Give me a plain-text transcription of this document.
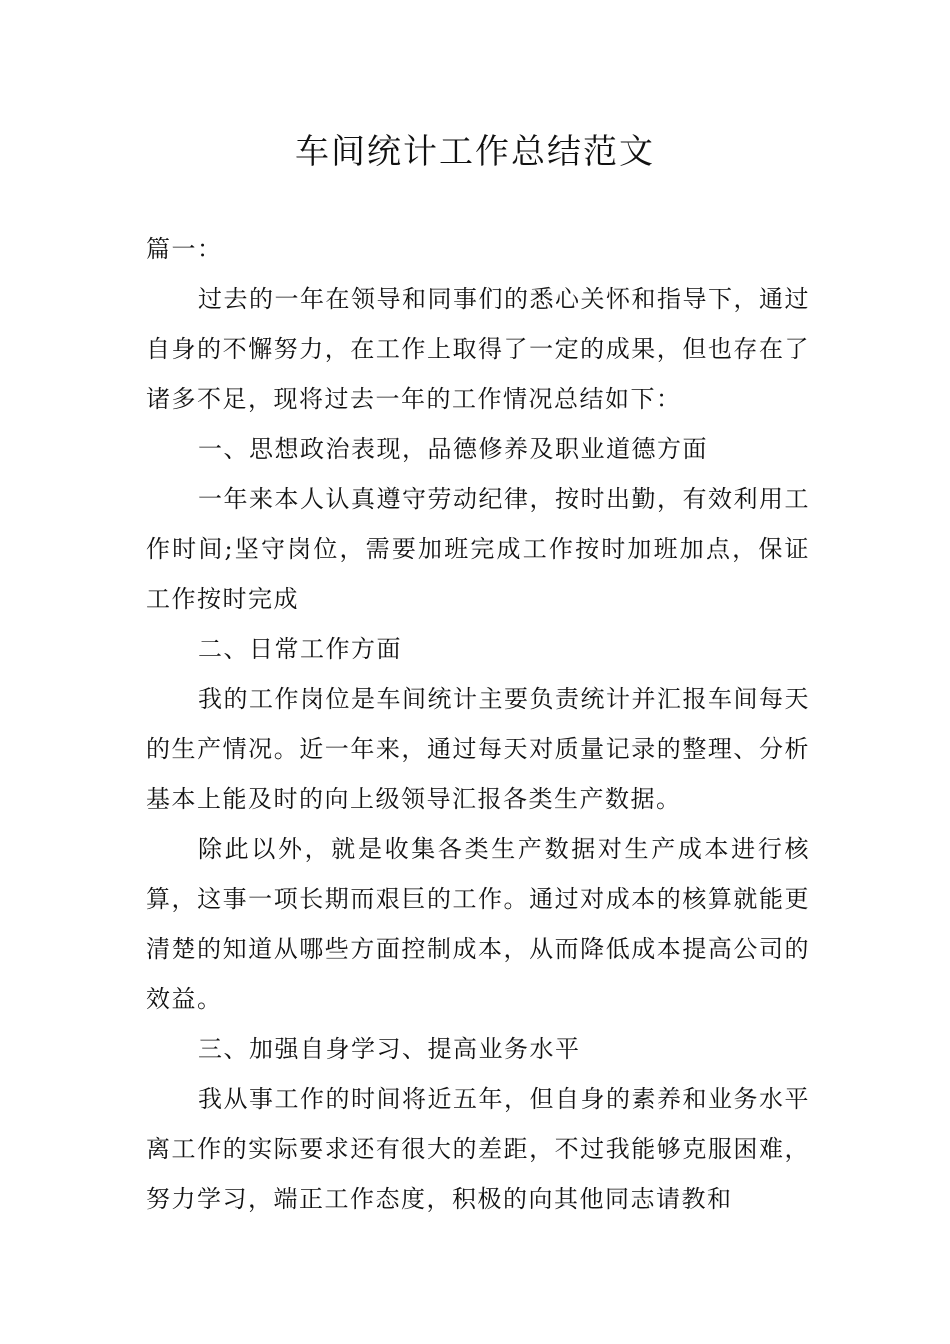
车间统计工作总结范文

篇一：

过去的一年在领导和同事们的悉心关怀和指导下，通过自身的不懈努力，在工作上取得了一定的成果，但也存在了诸多不足，现将过去一年的工作情况总结如下：

一、思想政治表现，品德修养及职业道德方面

一年来本人认真遵守劳动纪律，按时出勤，有效利用工作时间;坚守岗位，需要加班完成工作按时加班加点，保证工作按时完成

二、日常工作方面

我的工作岗位是车间统计主要负责统计并汇报车间每天的生产情况。近一年来，通过每天对质量记录的整理、分析基本上能及时的向上级领导汇报各类生产数据。

除此以外，就是收集各类生产数据对生产成本进行核算，这事一项长期而艰巨的工作。通过对成本的核算就能更清楚的知道从哪些方面控制成本，从而降低成本提高公司的效益。

三、加强自身学习、提高业务水平

我从事工作的时间将近五年，但自身的素养和业务水平离工作的实际要求还有很大的差距，不过我能够克服困难，努力学习，端正工作态度，积极的向其他同志请教和
